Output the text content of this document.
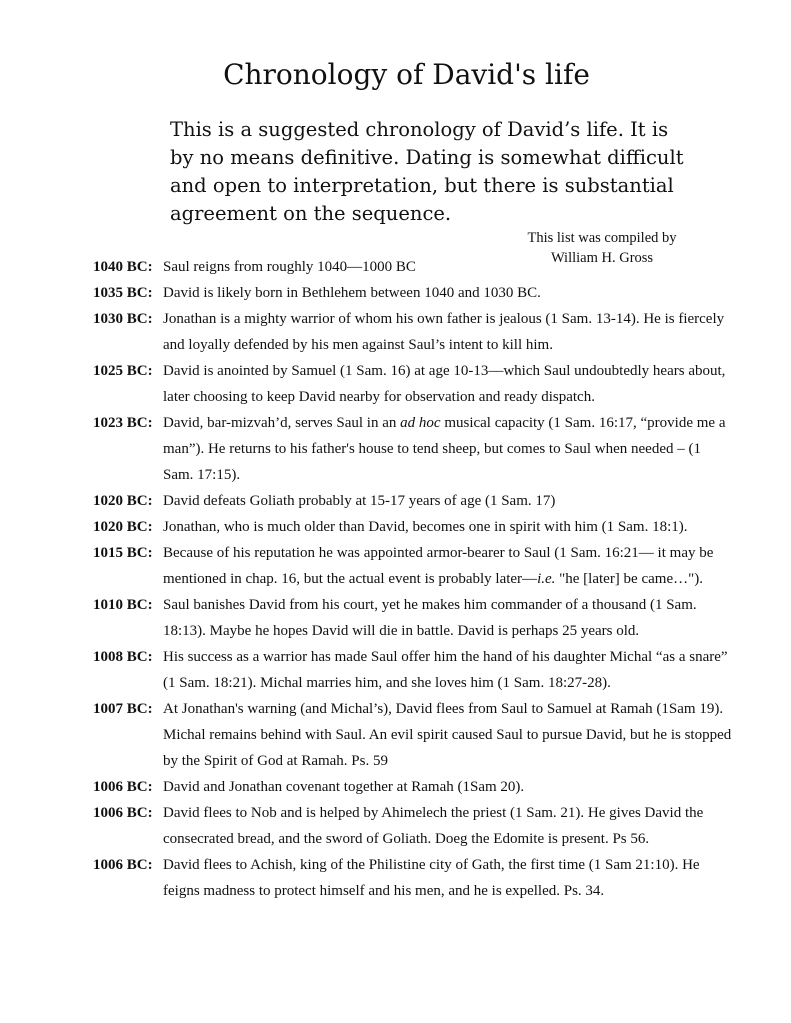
Chronology of David's life

This is a suggested chronology of David’s life. It is by no means definitive. Dating is somewhat difficult and open to interpretation, but there is substantial agreement on the sequence.

This list was compiled by
William H. Gross
1040 BC: Saul reigns from roughly 1040—1000 BC
1035 BC: David is likely born in Bethlehem between 1040 and 1030 BC.
1030 BC: Jonathan is a mighty warrior of whom his own father is jealous (1 Sam. 13-14). He is fiercely and loyally defended by his men against Saul’s intent to kill him.
1025 BC: David is anointed by Samuel (1 Sam. 16) at age 10-13—which Saul undoubtedly hears about, later choosing to keep David nearby for observation and ready dispatch.
1023 BC: David, bar-mizvah’d, serves Saul in an ad hoc musical capacity (1 Sam. 16:17, “provide me a man”). He returns to his father's house to tend sheep, but comes to Saul when needed – (1 Sam. 17:15).
1020 BC: David defeats Goliath probably at 15-17 years of age (1 Sam. 17)
1020 BC: Jonathan, who is much older than David, becomes one in spirit with him (1 Sam. 18:1).
1015 BC: Because of his reputation he was appointed armor-bearer to Saul (1 Sam. 16:21— it may be mentioned in chap. 16, but the actual event is probably later—i.e. "he [later] be came…").
1010 BC: Saul banishes David from his court, yet he makes him commander of a thousand (1 Sam. 18:13). Maybe he hopes David will die in battle. David is perhaps 25 years old.
1008 BC: His success as a warrior has made Saul offer him the hand of his daughter Michal “as a snare” (1 Sam. 18:21). Michal marries him, and she loves him (1 Sam. 18:27-28).
1007 BC: At Jonathan's warning (and Michal’s), David flees from Saul to Samuel at Ramah (1Sam 19). Michal remains behind with Saul. An evil spirit caused Saul to pursue David, but he is stopped by the Spirit of God at Ramah. Ps. 59
1006 BC: David and Jonathan covenant together at Ramah (1Sam 20).
1006 BC: David flees to Nob and is helped by Ahimelech the priest (1 Sam. 21). He gives David the consecrated bread, and the sword of Goliath. Doeg the Edomite is present. Ps 56.
1006 BC: David flees to Achish, king of the Philistine city of Gath, the first time (1 Sam 21:10). He feigns madness to protect himself and his men, and he is expelled. Ps. 34.
